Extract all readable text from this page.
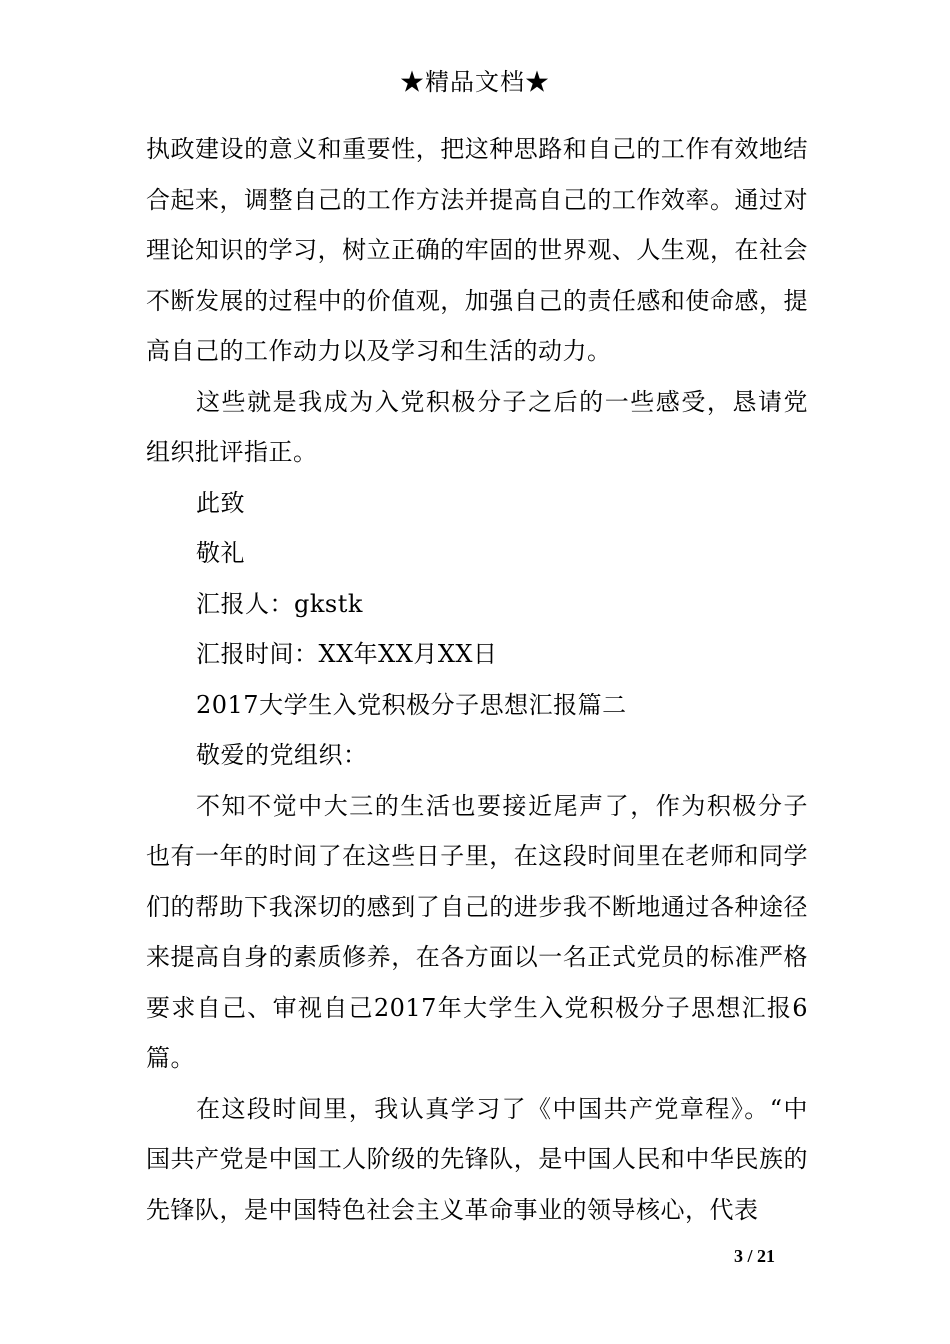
★精品文档★

执政建设的意义和重要性，把这种思路和自己的工作有效地结合起来，调整自己的工作方法并提高自己的工作效率。通过对理论知识的学习，树立正确的牢固的世界观、人生观，在社会不断发展的过程中的价值观，加强自己的责任感和使命感，提高自己的工作动力以及学习和生活的动力。

这些就是我成为入党积极分子之后的一些感受，恳请党组织批评指正。

此致

敬礼

汇报人：gkstk

汇报时间：XX年XX月XX日

2017大学生入党积极分子思想汇报篇二

敬爱的党组织：

不知不觉中大三的生活也要接近尾声了，作为积极分子也有一年的时间了在这些日子里，在这段时间里在老师和同学们的帮助下我深切的感到了自己的进步我不断地通过各种途径来提高自身的素质修养，在各方面以一名正式党员的标准严格要求自己、审视自己2017年大学生入党积极分子思想汇报6篇。

在这段时间里，我认真学习了《中国共产党章程》。“中国共产党是中国工人阶级的先锋队，是中国人民和中华民族的先锋队，是中国特色社会主义革命事业的领导核心，代表

3 / 21
